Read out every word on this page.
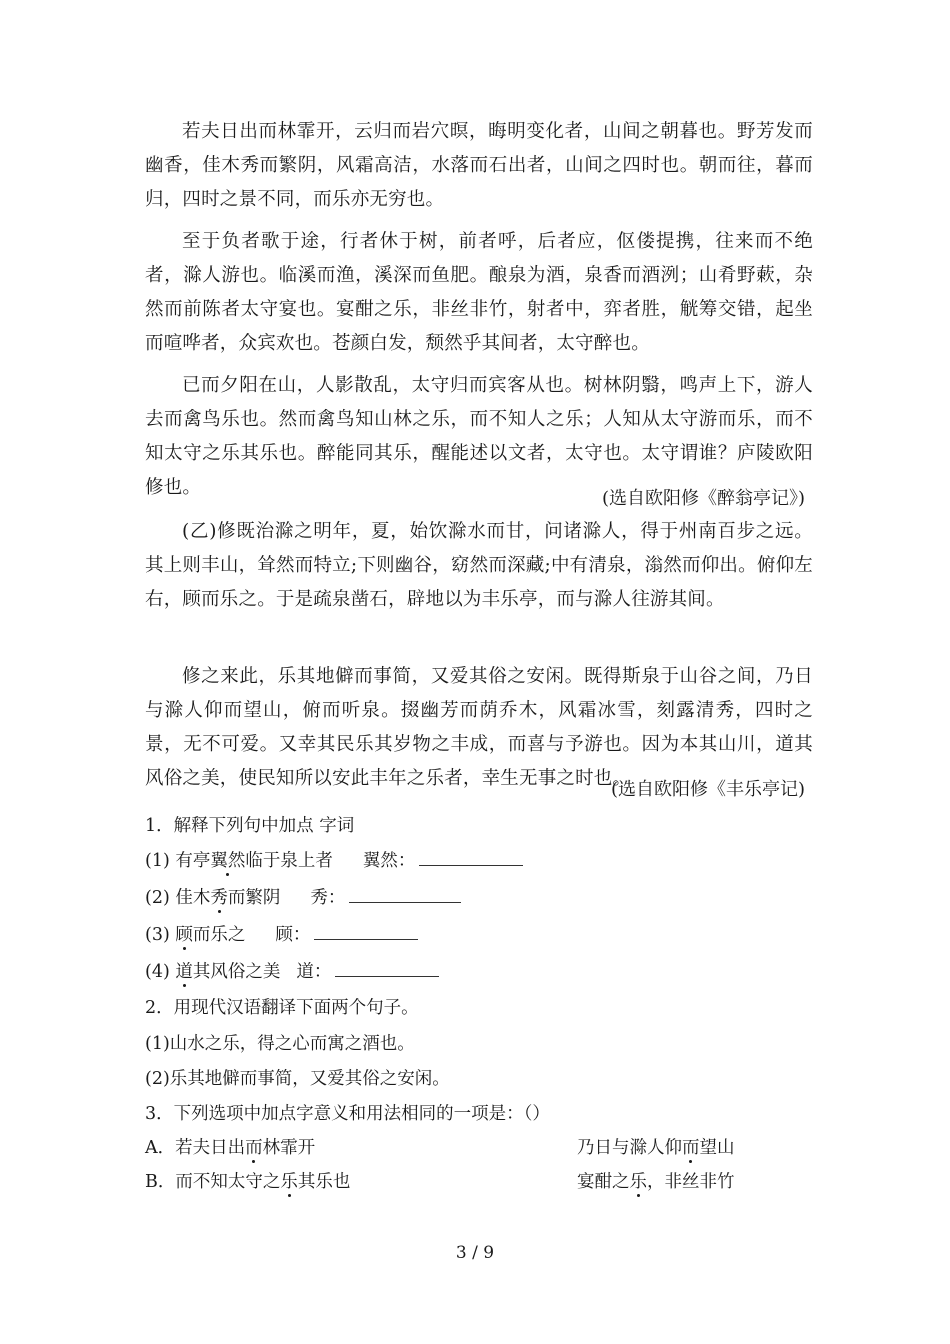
若夫日出而林霏开，云归而岩穴暝，晦明变化者，山间之朝暮也。野芳发而幽香，佳木秀而繁阴，风霜高洁，水落而石出者，山间之四时也。朝而往，暮而归，四时之景不同，而乐亦无穷也。

至于负者歌于途，行者休于树，前者呼，后者应，伛偻提携，往来而不绝者，滁人游也。临溪而渔，溪深而鱼肥。酿泉为酒，泉香而酒洌；山肴野蔌，杂然而前陈者太守宴也。宴酣之乐，非丝非竹，射者中，弈者胜，觥筹交错，起坐而喧哗者，众宾欢也。苍颜白发，颓然乎其间者，太守醉也。

已而夕阳在山，人影散乱，太守归而宾客从也。树林阴翳，鸣声上下，游人去而禽鸟乐也。然而禽鸟知山林之乐，而不知人之乐；人知从太守游而乐，而不知太守之乐其乐也。醉能同其乐，醒能述以文者，太守也。太守谓谁？庐陵欧阳修也。

(选自欧阳修《醉翁亭记》)

(乙)修既治滁之明年，夏，始饮滁水而甘，问诸滁人，得于州南百步之远。其上则丰山，耸然而特立;下则幽谷，窈然而深藏;中有清泉，滃然而仰出。俯仰左右，顾而乐之。于是疏泉凿石，辟地以为丰乐亭，而与滁人往游其间。

修之来此，乐其地僻而事简，又爱其俗之安闲。既得斯泉于山谷之间，乃日与滁人仰而望山，俯而听泉。掇幽芳而荫乔木，风霜冰雪，刻露清秀，四时之景，无不可爱。又幸其民乐其岁物之丰成，而喜与予游也。因为本其山川，道其风俗之美，使民知所以安此丰年之乐者，幸生无事之时也。

(选自欧阳修《丰乐亭记)

1．解释下列句中加点 字词

(1) 有亭翼然临于泉上者 翼然：

(2) 佳木秀而繁阴 秀：

(3) 顾而乐之 顾：

(4) 道其风俗之美 道：

2．用现代汉语翻译下面两个句子。

(1)山水之乐，得之心而寓之酒也。

(2)乐其地僻而事简，又爱其俗之安闲。

3．下列选项中加点字意义和用法相同的一项是：（）

A．若夫日出而林霏开	乃日与滁人仰而望山

B．而不知太守之乐其乐也	宴酣之乐，非丝非竹

3 / 9
